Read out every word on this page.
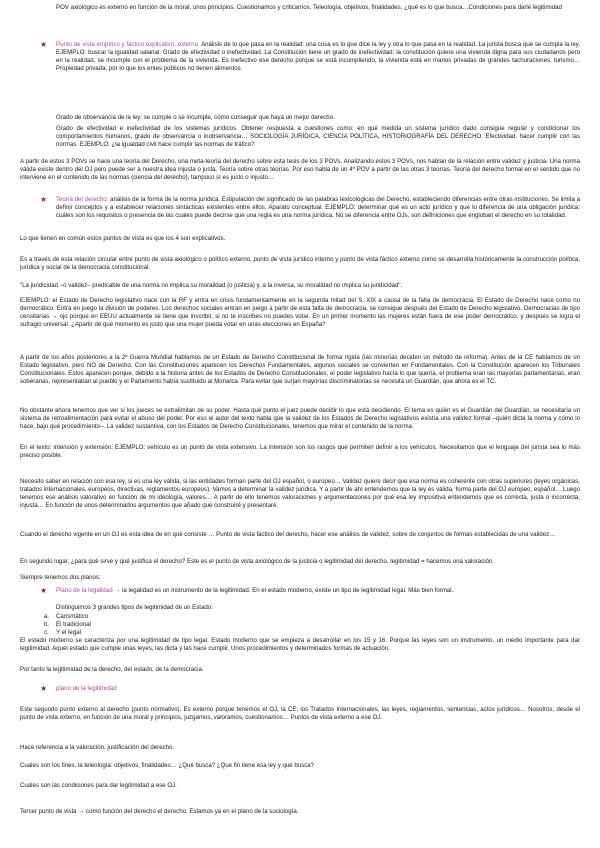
POV axiológico es externo en función de la moral, unos principios. Cuestionamos y criticamos. Teleología, objetivos, finalidades, ¿qué es lo que busca…Condiciones para darle legitimidad

★ Punto de vista empírico y fáctico explicativo, externo. Análisis de lo que pasa en la realidad: una cosa es lo que dice la ley y otra lo que pasa en la realidad. La jurista busca que se cumpla la ley. EJEMPLO: buscar la igualdad salarial. Grado de efectividad o inefectividad. La Constitución tiene un grado de inefectividad: la constitución quiere una vivienda digna para sus ciudadanos pero en la realidad, se incumple con el problema de la vivienda. Es inefectivo ese derecho porque se está incumpliendo, la vivienda está en manos privadas de grandes tachuraciones, turismo… Propiedad privada, por lo que los entes públicos no tienen alimentos.

Grado de observancia de la ley: se cumple o se incumple, cómo conseguir que haya un mejor derecho.

Grado de efectividad e inefectividad de los sistemas jurídicos. Obtener respuesta a cuestiones como: en qué medida un sistema jurídico dado consigue regular y condicionar los comportamientos humanos, grado de observancia o inobservancia… SOCIOLOGÍA JURÍDICA, CIENCIA POLÍTICA, HISTORIOGRAFÍA DEL DERECHO. Efectividad, hacer cumplir con las normas. EJEMPLO: ¿la igualdad civil hace cumplir las normas de tráfico?

A partir de estos 3 POVs se hace una teoría del Derecho, una meta-teoría del derecho sobre esta tesis de los 3 POVs. Analizando estos 3 POVs, nos hablan de la relación entre validez y justicia. Una norma válida existe dentro del OJ pero puede ser a nuestra idea injusta o justa. Teoría sobre otras teorías. Por eso habla de un 4º POV a partir de las otras 3 teorías. Teoría del derecho formal en el sentido que no interviene en el contenido de las normas (ciencia del derecho), tampoco sí es justo o injusto…

★ Teoría del derecho: análisis de la forma de la norma jurídica. Estipulación del significado de las palabras lexicológicas del Derecho, estableciendo diferencias entre otras instituciones. Se limita a definir conceptos y a establecer relaciones sintácticas existentes entre ellos. Aparato conceptual. EJEMPLO: determinar qué es un acto jurídico y qué lo diferencia de una obligación jurídica; cuáles son los requisitos o presencia de las cuales puede decirse que una regla es una norma jurídica. No se diferencia entre OJs, son definiciones que engloban el derecho en su totalidad.

Lo que tienen en común estos puntos de vista es que los 4 son explicativos.

Es a través de esta relación circular entre punto de vista axiológico o político externo, punto de vista jurídico interno y punto de vista fáctico externo como se desarrolla históricamente la construcción política, jurídica y social de la democracia constitucional.

"La juridicidad –o validez– predicable de una norma no implica su moralidad (o justicia) y, a la inversa, su moralidad no implica su juridicidad".

EJEMPLO: el Estado de Derecho legislativo nace con la RF y entra en crisis fundamentalmente en la segunda mitad del S. XIX a causa de la falta de democracia. El Estado de Derecho nace como no democrático. Entra en juego la división de poderes. Los derechos sociales entran en juego a partir de esta falta de democracia, se consigue después del Estado de Derecho legislativo. Democracias de tipo censitarias → ojo porque en EEUU actualmente se tiene que inscribir, si no te inscribes no puedes votar. En un primer momento las mujeres están fuera de ese poder democrático, y después se logra el sufragio universal. ¿Apartir de qué momento es justo que una mujer pueda votar en unas elecciones en España?

A partir de los años posteriores a la 2ª Guerra Mundial hablamos de un Estado de Derecho Constitucional de forma rígida (las minorías deciden un método de reforma). Antes de la CE hablamos de un Estado legislativo, pero NO de Derecho. Con las Constituciones aparecen los Derechos Fundamentales, algunos sociales se convierten en Fundamentales. Con la Constitución aparecen los Tribunales Constitucionales. Estos aparecen porque, debido a la historia antes de los Estados de Derecho Constitucionales, el poder legislativo hacía lo que quería, el problema eran las mayorías parlamentarias, eran soberanas, representaban al pueblo y el Parlamento había sustituido al Monarca. Para evitar que surjan mayorías discriminatorias se necesita un Guardián, que ahora es el TC.

No obstante ahora tenemos que ver si los jueces se extralimitan de su poder. Hasta qué punto el juez puede decidir lo que está decidiendo. El tema es quién es el Guardián del Guardián, se necesitaría un sistema de retroalimentación para evitar el abuso del poder. Por eso el autor del texto habla que la validez de los Estados de Derecho legislativos existía una validez formal –quién dicta la norma y cómo lo hace, bajo qué procedimiento–. La validez sustantiva, con los Estados de Derecho Constitucionales, tenemos que mirar el contenido de la norma.

En el texto: intensión y extensión. EJEMPLO: vehículo es un punto de vista extensivo. La intensión son los rasgos que permiten definir a los vehículos. Necesitamos que el lenguaje del jurista sea lo más preciso posible.

Necesito saber en relación con esa ley, si es una ley válida, si las entidades forman parte del OJ español, o europeo… Validez quiere decir que esa norma es coherente con otras superiores (leyes orgánicas, tratados internacionales, europeos, directivas, reglamentos europeos). Vamos a determinar la validez jurídica. Y a partir de ahí entendemos que la ley es válida, forma parte del OJ europeo, español… Luego tenemos ese análisis valorativo en función de mi ideología, valores… A partir de ello tenemos valoraciones y argumentaciones por qué esa ley impositiva entendemos que es correcta, justa o incorrecta, injusta… En función de unos determinados argumentos que añado que construiré y presentaré.

Cuando el derecho vigente en un OJ es esta idea de en qué consiste … Punto de vista fáctico del derecho, hacer ese análisis de validez, sobre de conjuntos de formas establecidas de una validez…

En segundo lugar, ¿para qué sirve y qué justifica el derecho? Este es el punto de vista axiológico de la justicia o legitimidad del derecho. legitimidad = hacemos una valoración.

Siempre tenemos dos planos:

★ Plano de la legalidad → la legalidad es un instrumento de la legitimidad. En el estado moderno, existe un tipo de legitimidad legal. Más bien formal.

Distinguimos 3 grandes tipos de legitimidad de un Estado:

a. Carismático

b. El tradicional

c. Y el legal

El estado moderno se caracteriza por una legitimidad de tipo legal. Estado moderno que se empieza a desarrollar en los 15 y 16. Porque las leyes son un instrumento, un medio importante para dar legitimidad. Aquel estado que cumple unas leyes, las dicta y las hace cumplir. Unos procedimientos y determinados formas de actuación.

Por tanto la legitimidad de la derecho, del estado, de la democracia.

★ plano de la legitimidad

Este segundo punto externo al derecho (punto normativo). Es externo porque tenemos el OJ, la CE; los Tratados Internacionales, las leyes, reglamentos, sentencias, actos jurídicos… Nosotros, desde el punto de vista externo, en función de una moral y principios, juzgamos, valoramos, cuestionamos… Puntos de vista externo a ese OJ.

Hace referencia a la valoración, justificación del derecho.

Cuales son los fines, la teleología: objetivos, finalidades… ¿Qué busca? ¿Que fin tiene esa ley y que busca?

Cuales son las condiciones para dar legitimidad a ese OJ.

Tercer punto de vista → como función del derecho el derecho. Estamos ya en el plano de la sociología.
